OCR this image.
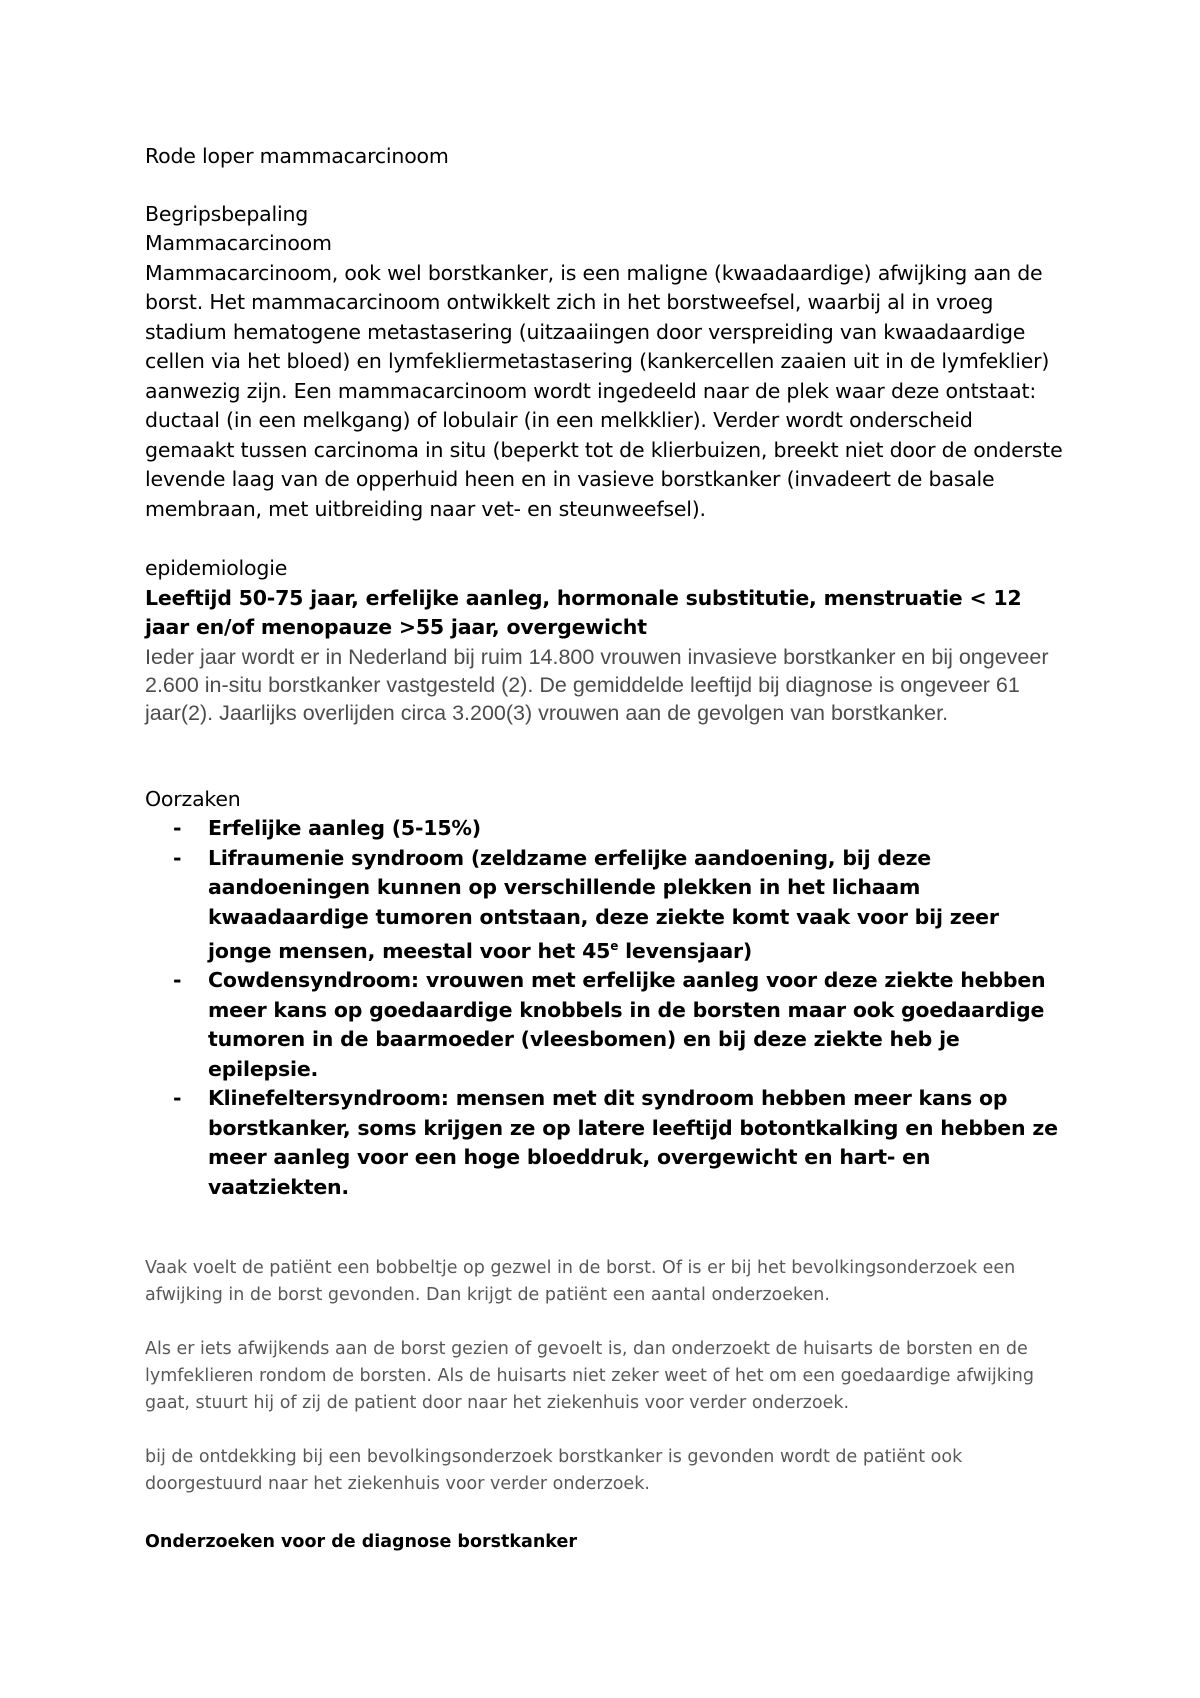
Rode loper mammacarcinoom

Begripsbepaling

Mammacarcinoom

Mammacarcinoom, ook wel borstkanker, is een maligne (kwaadaardige) afwijking aan de borst. Het mammacarcinoom ontwikkelt zich in het borstweefsel, waarbij al in vroeg stadium hematogene metastasering (uitzaaiingen door verspreiding van kwaadaardige cellen via het bloed) en lymfekliermetastasering (kankercellen zaaien uit in de lymfeklier) aanwezig zijn. Een mammacarcinoom wordt ingedeeld naar de plek waar deze ontstaat: ductaal (in een melkgang) of lobulair (in een melkklier). Verder wordt onderscheid gemaakt tussen carcinoma in situ (beperkt tot de klierbuizen, breekt niet door de onderste levende laag van de opperhuid heen en in vasieve borstkanker (invadeert de basale membraan, met uitbreiding naar vet- en steunweefsel).

epidemiologie

Leeftijd 50-75 jaar, erfelijke aanleg, hormonale substitutie, menstruatie < 12 jaar en/of menopauze >55 jaar, overgewicht

Ieder jaar wordt er in Nederland bij ruim 14.800 vrouwen invasieve borstkanker en bij ongeveer 2.600 in-situ borstkanker vastgesteld (2). De gemiddelde leeftijd bij diagnose is ongeveer 61 jaar(2). Jaarlijks overlijden circa 3.200(3) vrouwen aan de gevolgen van borstkanker.

Oorzaken

- Erfelijke aanleg (5-15%)
- Lifraumenie syndroom (zeldzame erfelijke aandoening, bij deze aandoeningen kunnen op verschillende plekken in het lichaam kwaadaardige tumoren ontstaan, deze ziekte komt vaak voor bij zeer jonge mensen, meestal voor het 45e levensjaar)
- Cowdensyndroom: vrouwen met erfelijke aanleg voor deze ziekte hebben meer kans op goedaardige knobbels in de borsten maar ook goedaardige tumoren in de baarmoeder (vleesbomen) en bij deze ziekte heb je epilepsie.
- Klinefeltersyndroom: mensen met dit syndroom hebben meer kans op borstkanker, soms krijgen ze op latere leeftijd botontkalking en hebben ze meer aanleg voor een hoge bloeddruk, overgewicht en hart- en vaatziekten.

Vaak voelt de patiënt een bobbeltje op gezwel in de borst. Of is er bij het bevolkingsonderzoek een afwijking in de borst gevonden. Dan krijgt de patiënt een aantal onderzoeken.

Als er iets afwijkends aan de borst gezien of gevoelt is, dan onderzoekt de huisarts de borsten en de lymfeklieren rondom de borsten. Als de huisarts niet zeker weet of het om een goedaardige afwijking gaat, stuurt hij of zij de patient door naar het ziekenhuis voor verder onderzoek.

bij de ontdekking bij een bevolkingsonderzoek borstkanker is gevonden wordt de patiënt ook doorgestuurd naar het ziekenhuis voor verder onderzoek.

Onderzoeken voor de diagnose borstkanker
